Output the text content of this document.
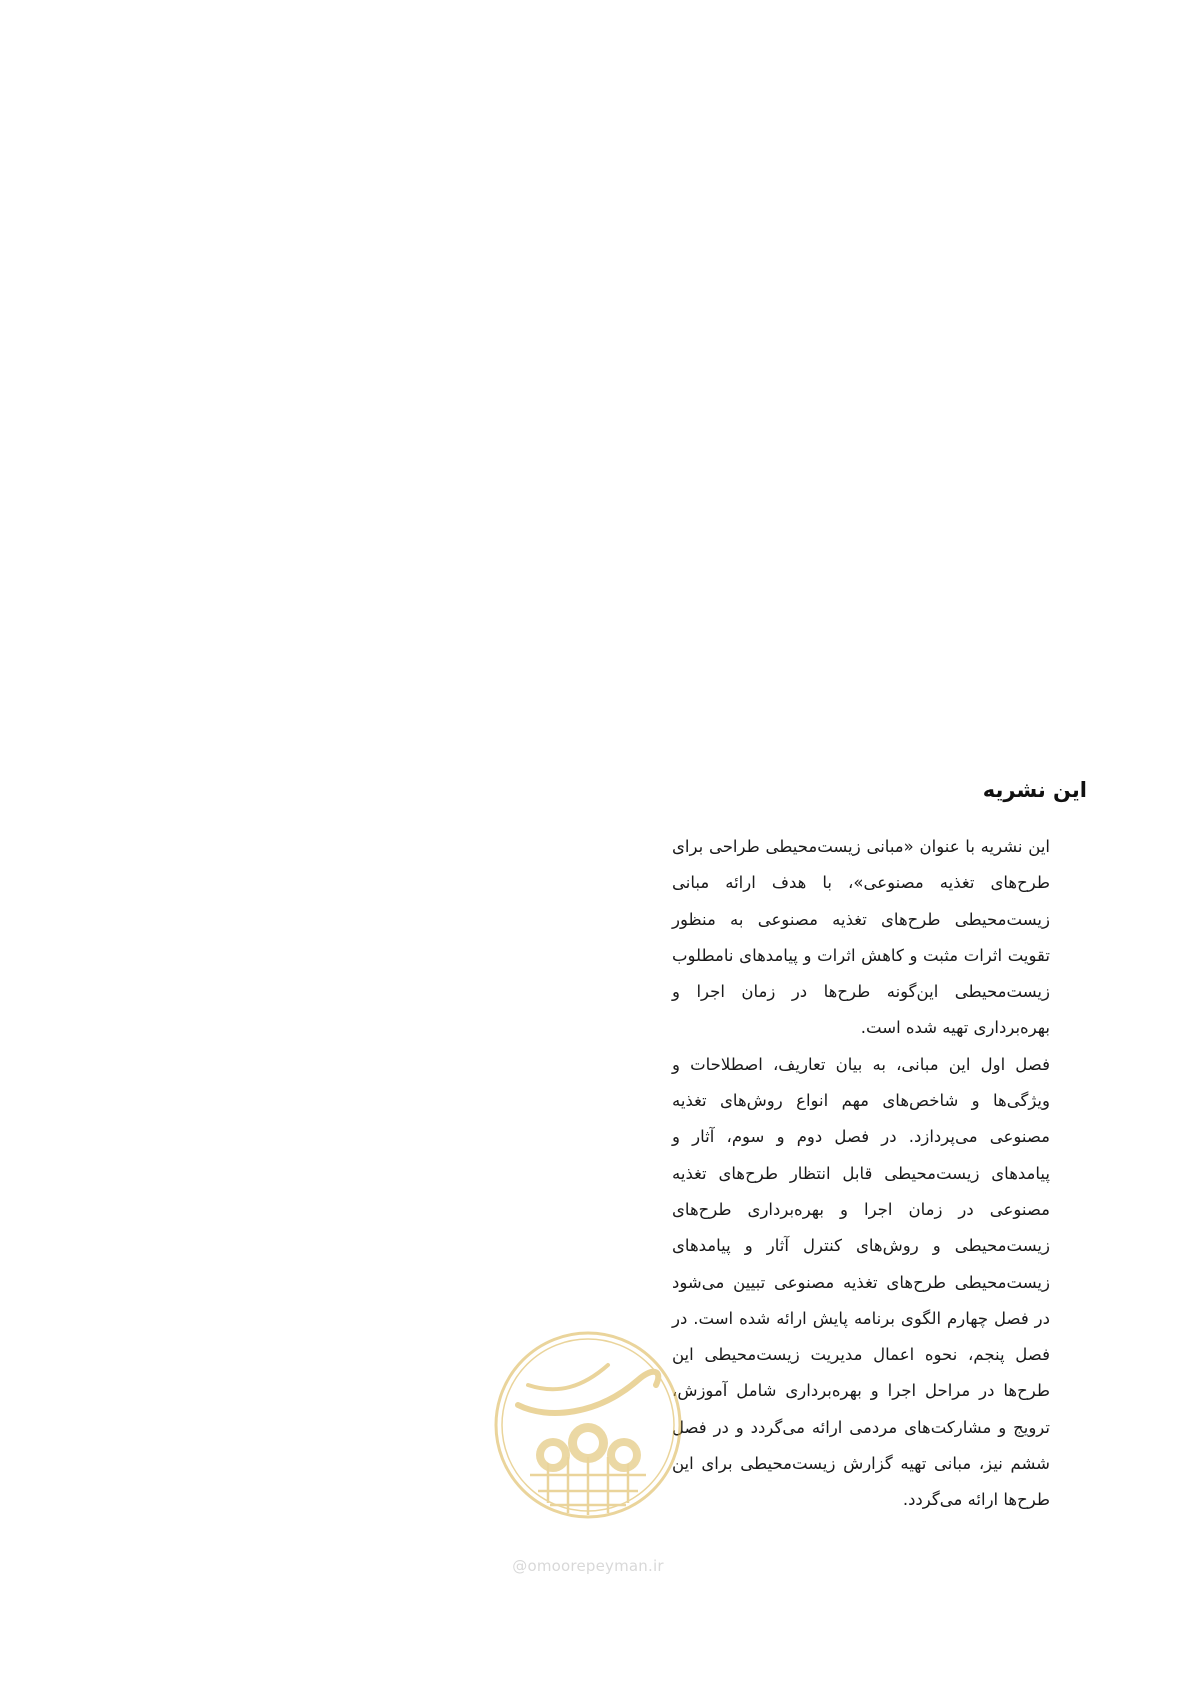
این نشریه

این نشریه با عنوان «مبانی زیست‌محیطی طراحی برای طرح‌های تغذیه مصنوعی»، با هدف ارائه مبانی زیست‌محیطی طرح‌های تغذیه مصنوعی به منظور تقویت اثرات مثبت و کاهش اثرات و پیامدهای نامطلوب زیست‌محیطی این‌گونه طرح‌ها در زمان اجرا و بهره‌برداری تهیه شده است.

فصل اول این مبانی، به بیان تعاریف، اصطلاحات و ویژگی‌ها و شاخص‌های مهم انواع روش‌های تغذیه مصنوعی می‌پردازد. در فصل دوم و سوم، آثار و پیامدهای زیست‌محیطی قابل انتظار طرح‌های تغذیه مصنوعی در زمان اجرا و بهره‌برداری طرح‌های زیست‌محیطی و روش‌های کنترل آثار و پیامدهای زیست‌محیطی طرح‌های تغذیه مصنوعی تبیین می‌شود در فصل چهارم الگوی برنامه پایش ارائه شده است. در فصل پنجم، نحوه اعمال مدیریت زیست‌محیطی این طرح‌ها در مراحل اجرا و بهره‌برداری شامل آموزش، ترویج و مشارکت‌های مردمی ارائه می‌گردد و در فصل ششم نیز، مبانی تهیه گزارش زیست‌محیطی برای این طرح‌ها ارائه می‌گردد.

@omoorepeyman.ir
